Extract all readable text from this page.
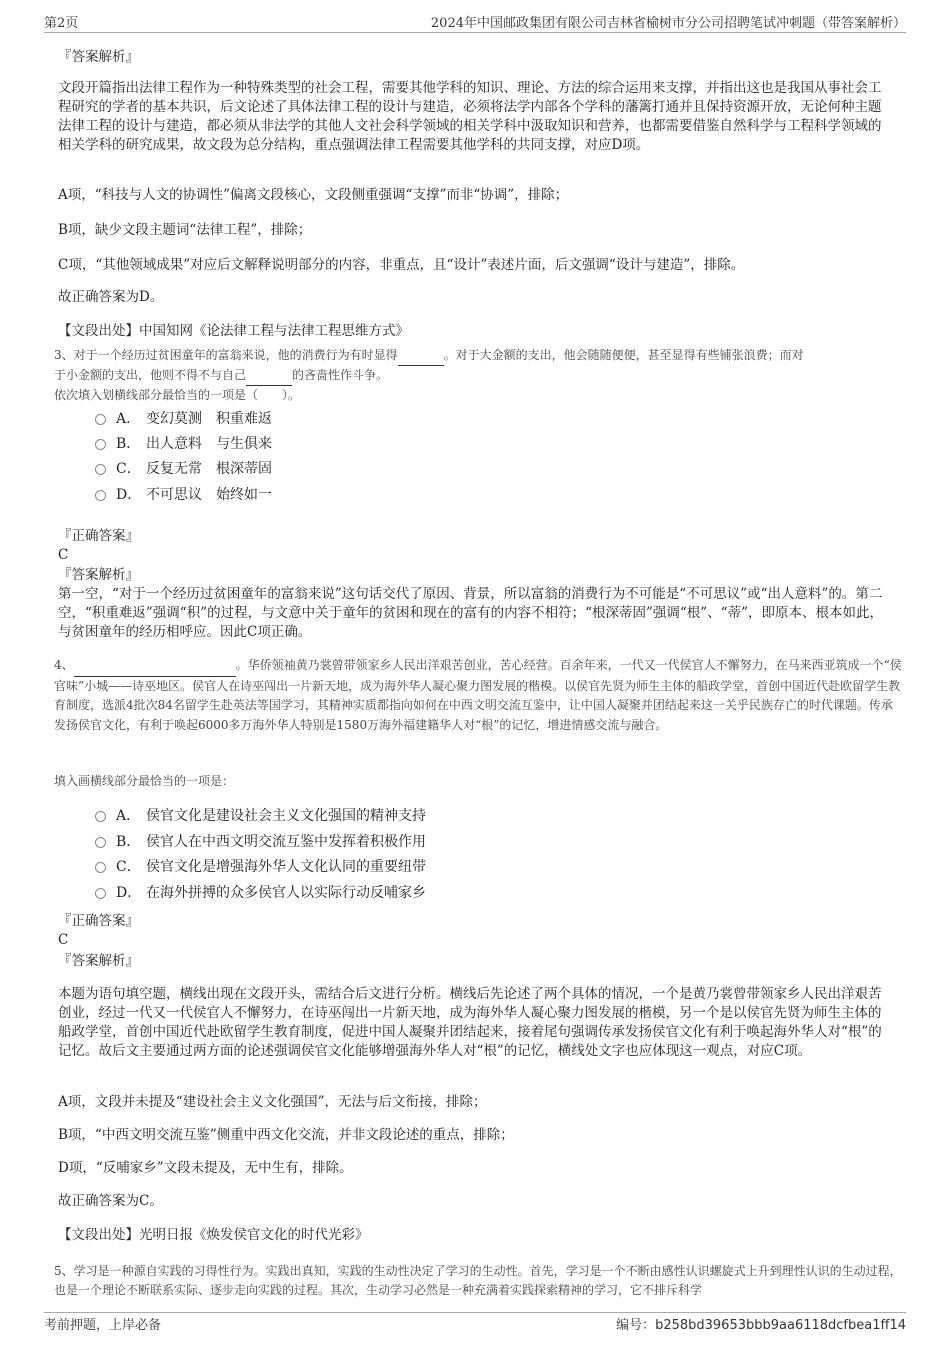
第2页	2024年中国邮政集团有限公司吉林省榆树市分公司招聘笔试冲刺题（带答案解析）
『答案解析』
文段开篇指出法律工程作为一种特殊类型的社会工程，需要其他学科的知识、理论、方法的综合运用来支撑，并指出这也是我国从事社会工程研究的学者的基本共识，后文论述了具体法律工程的设计与建造，必须将法学内部各个学科的藩篱打通并且保持资源开放，无论何种主题法律工程的设计与建造，都必须从非法学的其他人文社会科学领域的相关学科中汲取知识和营养，也都需要借鉴自然科学与工程科学领域的相关学科的研究成果，故文段为总分结构，重点强调法律工程需要其他学科的共同支撑，对应D项。
A项，“科技与人文的协调性”偏离文段核心，文段侧重强调“支撑”而非“协调”，排除；
B项，缺少文段主题词“法律工程”，排除；
C项，“其他领域成果”对应后文解释说明部分的内容，非重点，且“设计”表述片面，后文强调“设计与建造”，排除。
故正确答案为D。
【文段出处】中国知网《论法律工程与法律工程思维方式》
3、对于一个经历过贫困童年的富翁来说，他的消费行为有时显得	。对于大金额的支出，他会随随便便，甚至显得有些铺张浪费；而对
于小金额的支出，他则不得不与自己	的吝啬性作斗争。
依次填入划横线部分最恰当的一项是（　　）。
A． 变幻莫测　积重难返
B． 出人意料　与生俱来
C． 反复无常　根深蒂固
D． 不可思议　始终如一
『正确答案』
C
『答案解析』
第一空，“对于一个经历过贫困童年的富翁来说”这句话交代了原因、背景，所以富翁的消费行为不可能是“不可思议”或“出人意料”的。第二空，“积重难返”强调“积”的过程，与文意中关于童年的贫困和现在的富有的内容不相符；“根深蒂固”强调“根”、“蒂”，即原本、根本如此，与贫困童年的经历相呼应。因此C项正确。
4、	。华侨领袖黄乃裳曾带领家乡人民出洋艰苦创业，苦心经营。百余年来，一代又一代侯官人不懈努力，在马来西亚筑成一个“侯官味”小城——诗巫地区。侯官人在诗巫闯出一片新天地，成为海外华人凝心聚力图发展的楷模。以侯官先贤为师生主体的船政学堂，首创中国近代赴欧留学生教育制度，选派4批次84名留学生赴英法等国学习，其精神实质都指向如何在中西文明交流互鉴中，让中国人凝聚并团结起来这一关乎民族存亡的时代课题。传承发扬侯官文化，有利于唤起6000多万海外华人特别是1580万海外福建籍华人对“根”的记忆，增进情感交流与融合。
填入画横线部分最恰当的一项是：
A． 侯官文化是建设社会主义文化强国的精神支持
B． 侯官人在中西文明交流互鉴中发挥着积极作用
C． 侯官文化是增强海外华人文化认同的重要纽带
D． 在海外拼搏的众多侯官人以实际行动反哺家乡
『正确答案』
C
『答案解析』
本题为语句填空题，横线出现在文段开头，需结合后文进行分析。横线后先论述了两个具体的情况，一个是黄乃裳曾带领家乡人民出洋艰苦创业，经过一代又一代侯官人不懈努力，在诗巫闯出一片新天地，成为海外华人凝心聚力图发展的楷模，另一个是以侯官先贤为师生主体的船政学堂，首创中国近代赴欧留学生教育制度，促进中国人凝聚并团结起来，接着尾句强调传承发扬侯官文化有利于唤起海外华人对“根”的记忆。故后文主要通过两方面的论述强调侯官文化能够增强海外华人对“根”的记忆，横线处文字也应体现这一观点，对应C项。
A项，文段并未提及“建设社会主义文化强国”，无法与后文衔接，排除；
B项，“中西文明交流互鉴”侧重中西文化交流，并非文段论述的重点，排除；
D项，“反哺家乡”文段未提及，无中生有，排除。
故正确答案为C。
【文段出处】光明日报《焕发侯官文化的时代光彩》
5、学习是一种源自实践的习得性行为。实践出真知，实践的生动性决定了学习的生动性。首先，学习是一个不断由感性认识螺旋式上升到理性认识的生动过程，也是一个理论不断联系实际、逐步走向实践的过程。其次，生动学习必然是一种充满着实践探索精神的学习，它不排斥科学
考前押题，上岸必备	编号：b258bd39653bbb9aa6118dcfbea1ff14
